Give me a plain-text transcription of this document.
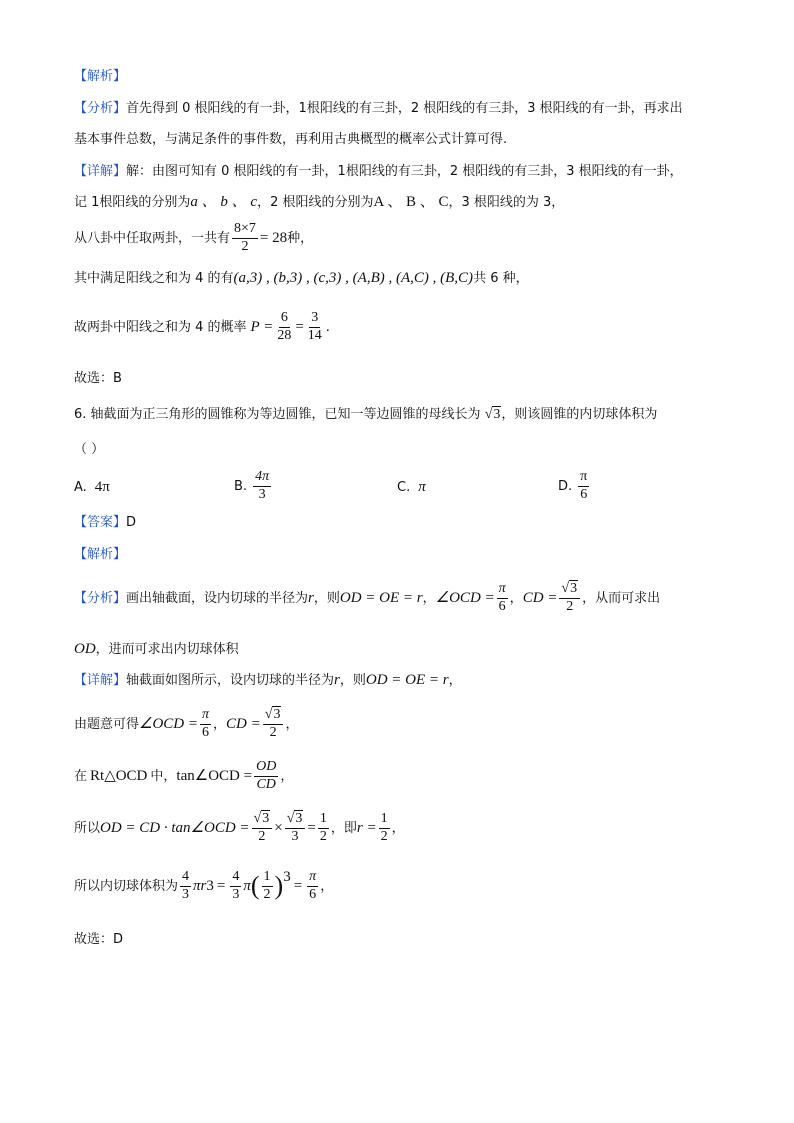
【解析】
【分析】首先得到 0 根阳线的有一卦，1根阳线的有三卦，2 根阳线的有三卦，3 根阳线的有一卦，再求出
基本事件总数，与满足条件的事件数，再利用古典概型的概率公式计算可得.
【详解】解：由图可知有 0 根阳线的有一卦，1根阳线的有三卦，2 根阳线的有三卦，3 根阳线的有一卦，
记 1根阳线的分别为a 、 b 、 c，2 根阳线的分别为A 、 B 、 C，3 根阳线的为 3，
从八卦中任取两卦，一共有 $\frac{8\times 7}{2} = 28$ 种，
其中满足阳线之和为 4 的有(a,3) , (b,3) , (c,3) , (A,B) , (A,C) , (B,C)共 6 种，
故两卦中阳线之和为 4 的概率 $P = \frac{6}{28} = \frac{3}{14}$ .
故选：B
6. 轴截面为正三角形的圆锥称为等边圆锥，已知一等边圆锥的母线长为 √3，则该圆锥的内切球体积为
（ ）
A. 4π	B. $\frac{4\pi}{3}$	C. π	D. $\frac{\pi}{6}$
【答案】D
【解析】
【分析】 画出轴截面，设内切球的半径为 r ，则 OD = OE = r ， ∠OCD = $\frac{\pi}{6}$ ， CD = $\frac{√3}{2}$ ，从而可求出
OD，进而可求出内切球体积
【详解】轴截面如图所示，设内切球的半径为r，则OD = OE = r，
由题意可得 ∠OCD = $\frac{\pi}{6}$ ， CD = $\frac{√3}{2}$ ，
在 Rt△OCD 中， tan∠OCD = $\frac{OD}{CD}$ ，
所以 OD = CD · tan∠OCD = $\frac{√3}{2} \times \frac{√3}{3} = \frac{1}{2}$ ，即 $r = \frac{1}{2}$ ，
所以内切球体积为 $\frac{4}{3}$ πr $3 = \frac{4}{3}$ π ( $\frac{1}{2}$ ) 3
= $\frac{\pi}{6}$ ，
故选：D
